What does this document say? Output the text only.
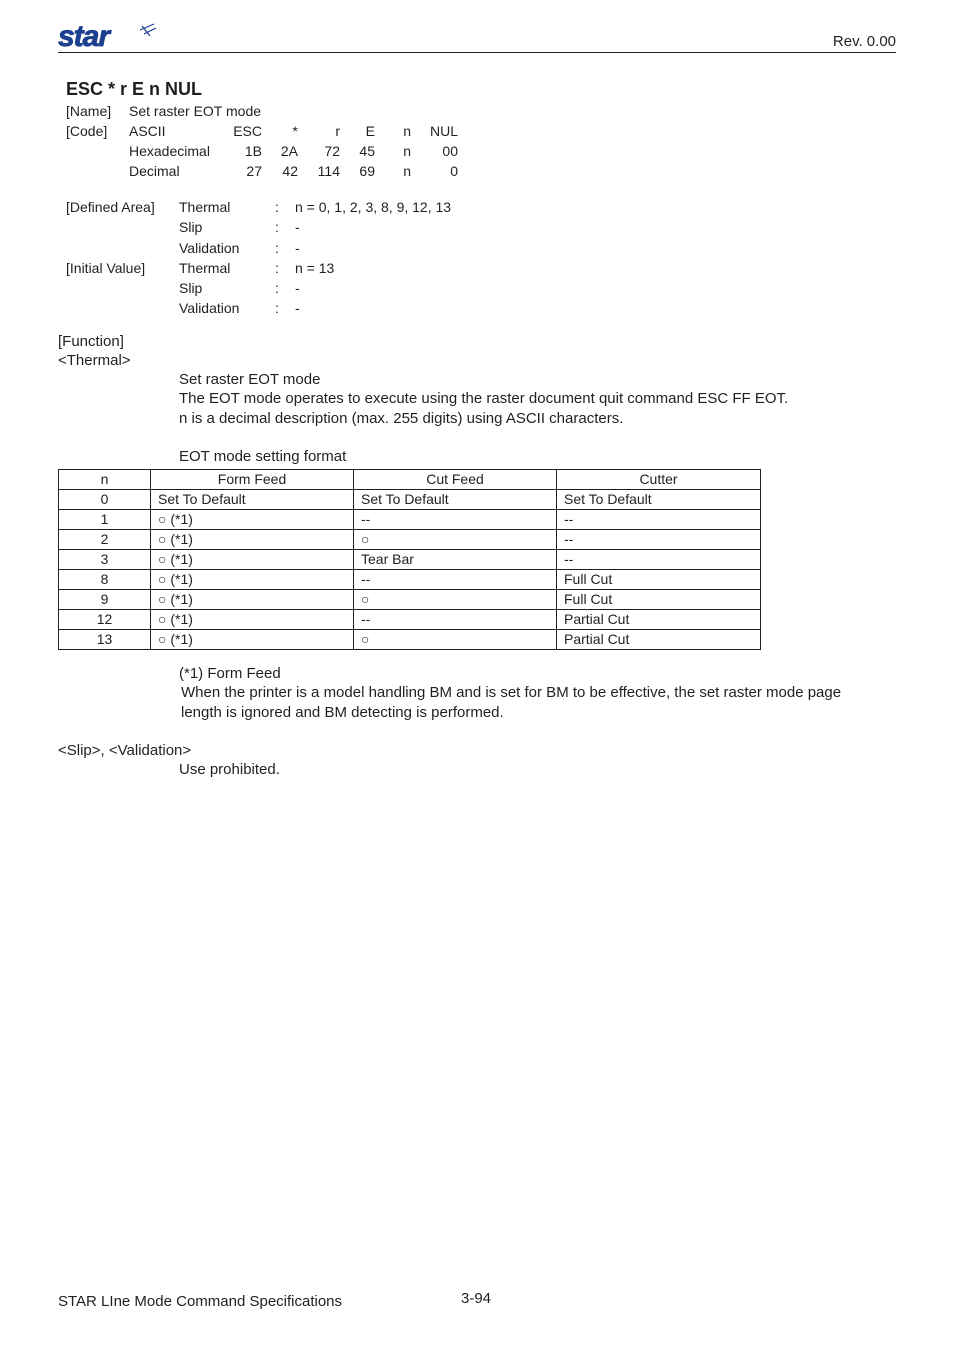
star	Rev. 0.00
ESC * r E n NUL
[Name] Set raster EOT mode
[Code] ASCII	ESC	*	r	E	n	NUL
Hexadecimal	1B	2A	72	45	n	00
Decimal	27	42	114	69	n	0
[Defined Area] Thermal	: n = 0, 1, 2, 3, 8, 9, 12, 13
Slip	: -
Validation	: -
[Initial Value] Thermal	: n = 13
Slip	: -
Validation	: -
[Function]
<Thermal>
Set raster EOT mode
The EOT mode operates to execute using the raster document quit command ESC FF EOT.
n is a decimal description (max. 255 digits) using ASCII characters.
EOT mode setting format
n	Form Feed	Cut Feed	Cutter
0	Set To Default	Set To Default	Set To Default
1	○ (*1)	--	--
2	○ (*1)	○	--
3	○ (*1)	Tear Bar	--
8	○ (*1)	--	Full Cut
9	○ (*1)	○	Full Cut
12	○ (*1)	--	Partial Cut
13	○ (*1)	○	Partial Cut
(*1) Form Feed
When the printer is a model handling BM and is set for BM to be effective, the set raster mode page
length is ignored and BM detecting is performed.
<Slip>, <Validation>
Use prohibited.
STAR LIne Mode Command Specifications	3-94
